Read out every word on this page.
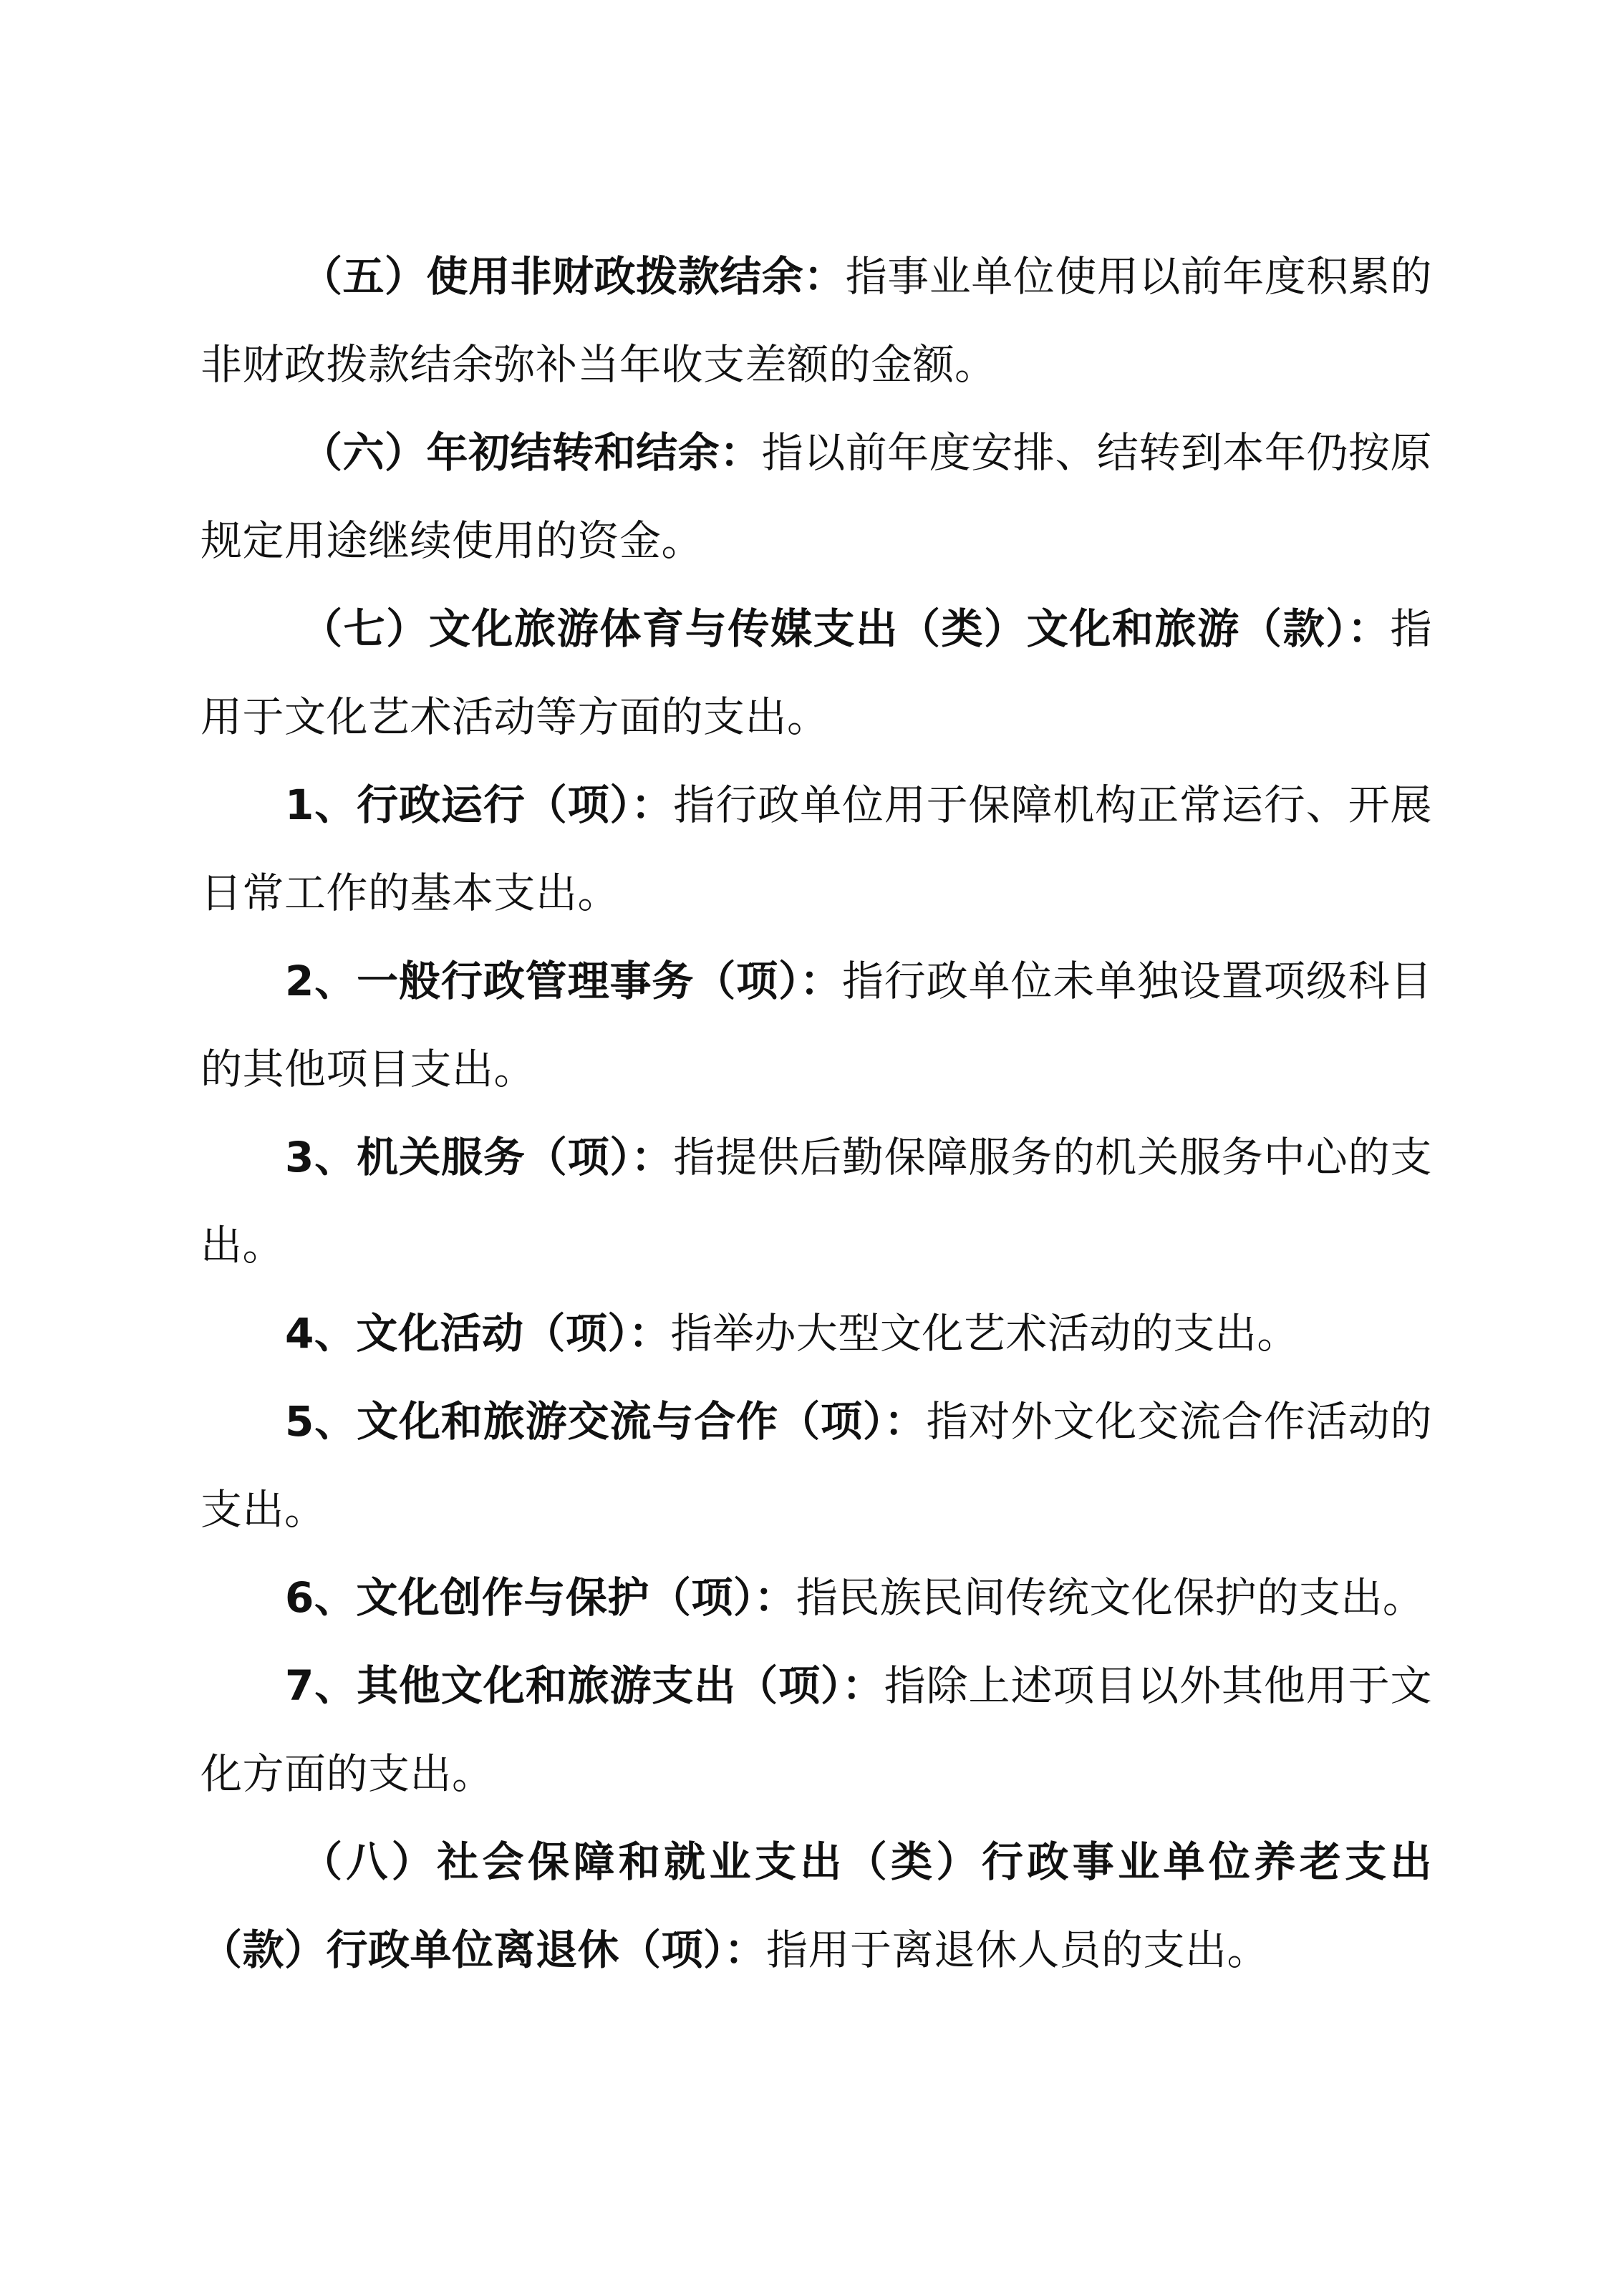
（五）使用非财政拨款结余：指事业单位使用以前年度积累的非财政拨款结余弥补当年收支差额的金额。

（六）年初结转和结余：指以前年度安排、结转到本年仍按原规定用途继续使用的资金。

（七）文化旅游体育与传媒支出（类）文化和旅游（款）：指用于文化艺术活动等方面的支出。

1、行政运行（项）：指行政单位用于保障机构正常运行、开展日常工作的基本支出。

2、一般行政管理事务（项）：指行政单位未单独设置项级科目的其他项目支出。

3、机关服务（项）：指提供后勤保障服务的机关服务中心的支出。

4、文化活动（项）：指举办大型文化艺术活动的支出。

5、文化和旅游交流与合作（项）：指对外文化交流合作活动的支出。

6、文化创作与保护（项）：指民族民间传统文化保护的支出。

7、其他文化和旅游支出（项）：指除上述项目以外其他用于文化方面的支出。

（八）社会保障和就业支出（类）行政事业单位养老支出（款）行政单位离退休（项）：指用于离退休人员的支出。
